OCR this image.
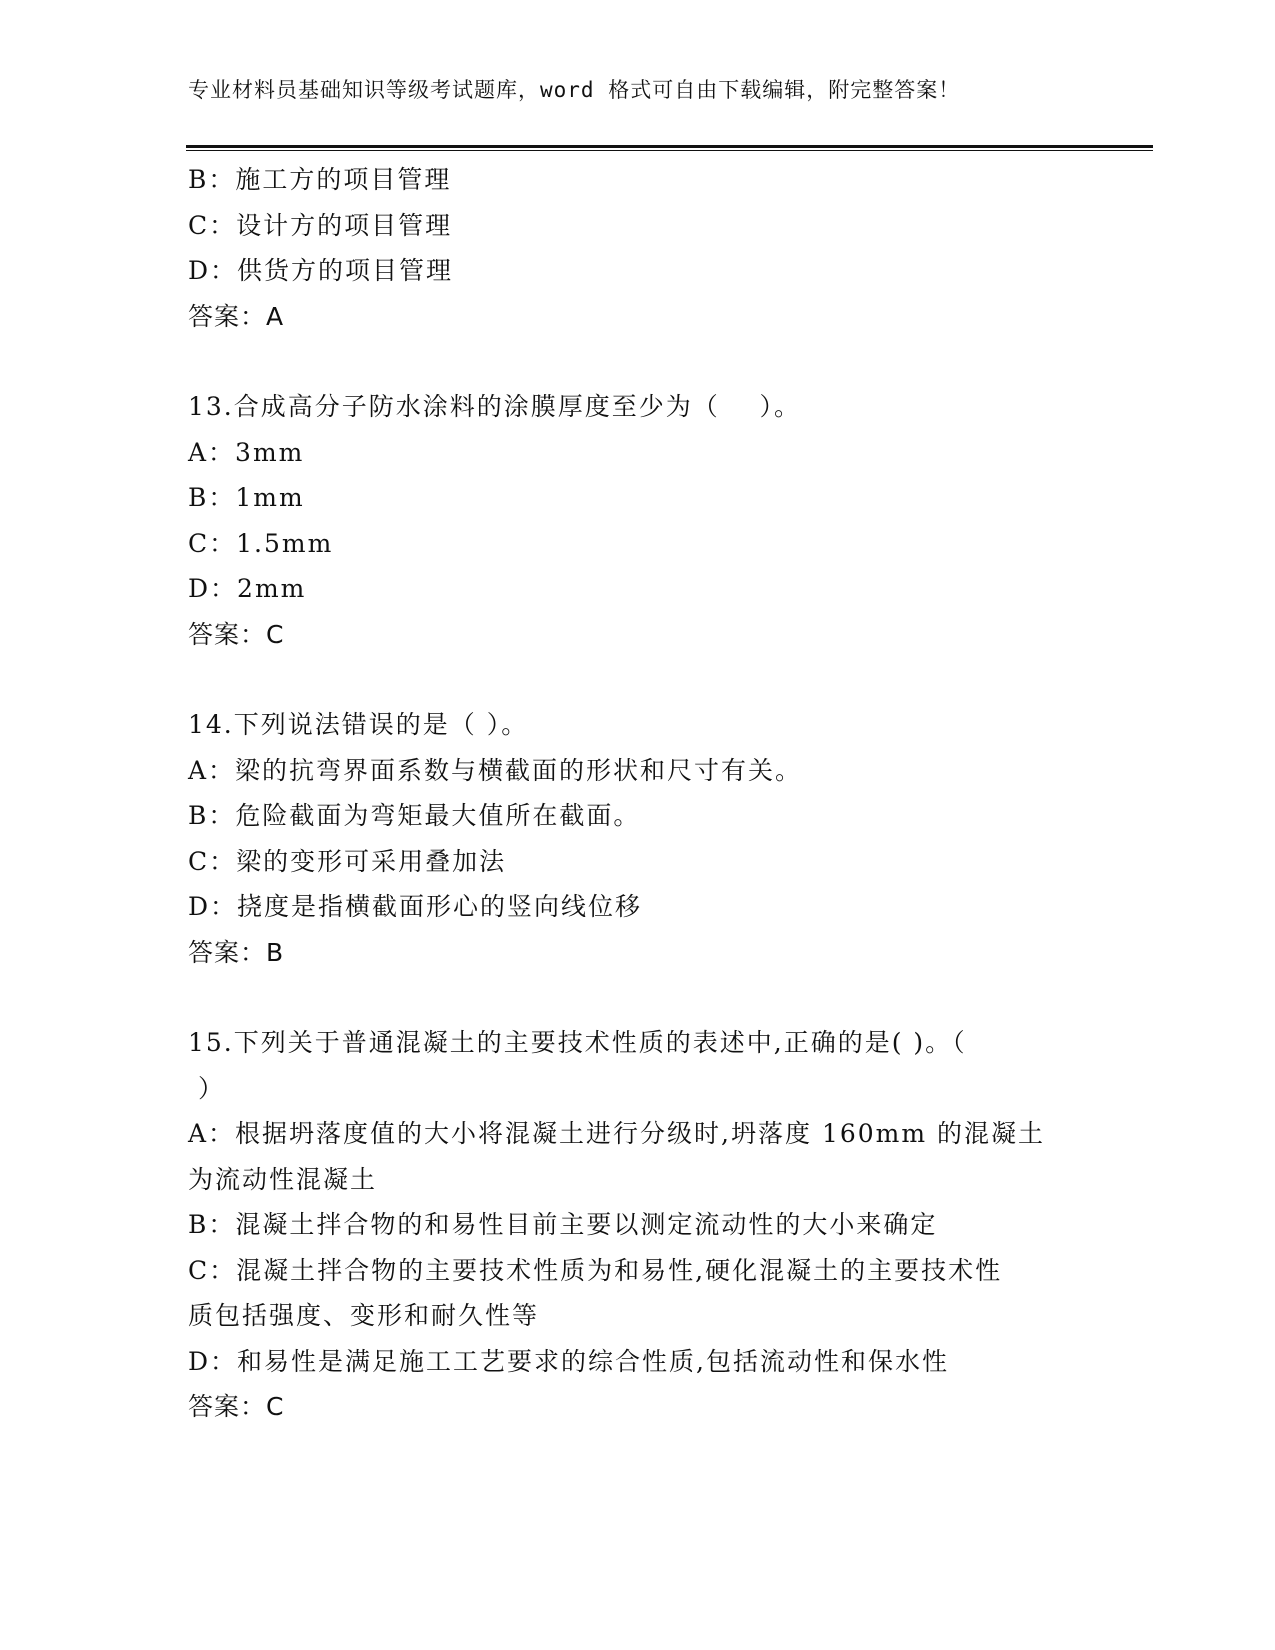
专业材料员基础知识等级考试题库，word 格式可自由下载编辑，附完整答案！

B：施工方的项目管理

C：设计方的项目管理

D：供货方的项目管理

答案：A

13.合成高分子防水涂料的涂膜厚度至少为（    ）。

A：3mm

B：1mm

C：1.5mm

D：2mm

答案：C

14.下列说法错误的是（ ）。

A：梁的抗弯界面系数与横截面的形状和尺寸有关。

B：危险截面为弯矩最大值所在截面。

C：梁的变形可采用叠加法

D：挠度是指横截面形心的竖向线位移

答案：B

15.下列关于普通混凝土的主要技术性质的表述中,正确的是( )。（

）

A：根据坍落度值的大小将混凝土进行分级时,坍落度 160mm 的混凝土

为流动性混凝土

B：混凝土拌合物的和易性目前主要以测定流动性的大小来确定

C：混凝土拌合物的主要技术性质为和易性,硬化混凝土的主要技术性

质包括强度、变形和耐久性等

D：和易性是满足施工工艺要求的综合性质,包括流动性和保水性

答案：C
